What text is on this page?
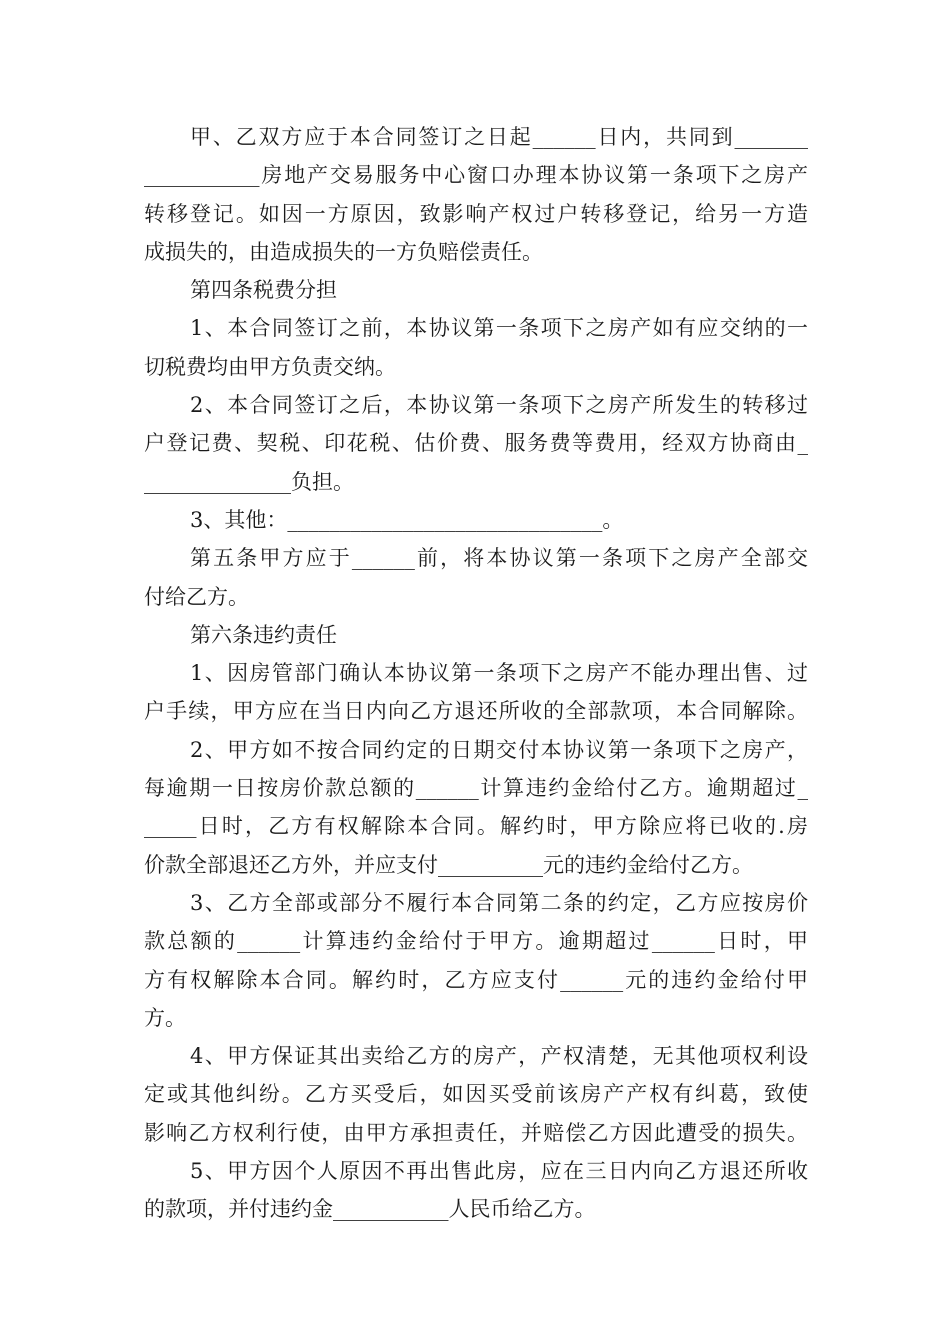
甲、乙双方应于本合同签订之日起______日内，共同到_______
___________房地产交易服务中心窗口办理本协议第一条项下之房产
转移登记。如因一方原因，致影响产权过户转移登记，给另一方造
成损失的，由造成损失的一方负赔偿责任。
第四条税费分担
1、本合同签订之前，本协议第一条项下之房产如有应交纳的一
切税费均由甲方负责交纳。
2、本合同签订之后，本协议第一条项下之房产所发生的转移过
户登记费、契税、印花税、估价费、服务费等费用，经双方协商由_
______________负担。
3、其他：______________________________。
第五条甲方应于______前，将本协议第一条项下之房产全部交
付给乙方。
第六条违约责任
1、因房管部门确认本协议第一条项下之房产不能办理出售、过
户手续，甲方应在当日内向乙方退还所收的全部款项，本合同解除。
2、甲方如不按合同约定的日期交付本协议第一条项下之房产，
每逾期一日按房价款总额的______计算违约金给付乙方。逾期超过_
_____日时，乙方有权解除本合同。解约时，甲方除应将已收的.房
价款全部退还乙方外，并应支付__________元的违约金给付乙方。
3、乙方全部或部分不履行本合同第二条的约定，乙方应按房价
款总额的______计算违约金给付于甲方。逾期超过______日时，甲
方有权解除本合同。解约时，乙方应支付______元的违约金给付甲
方。
4、甲方保证其出卖给乙方的房产，产权清楚，无其他项权利设
定或其他纠纷。乙方买受后，如因买受前该房产产权有纠葛，致使
影响乙方权利行使，由甲方承担责任，并赔偿乙方因此遭受的损失。
5、甲方因个人原因不再出售此房，应在三日内向乙方退还所收
的款项，并付违约金___________人民币给乙方。
